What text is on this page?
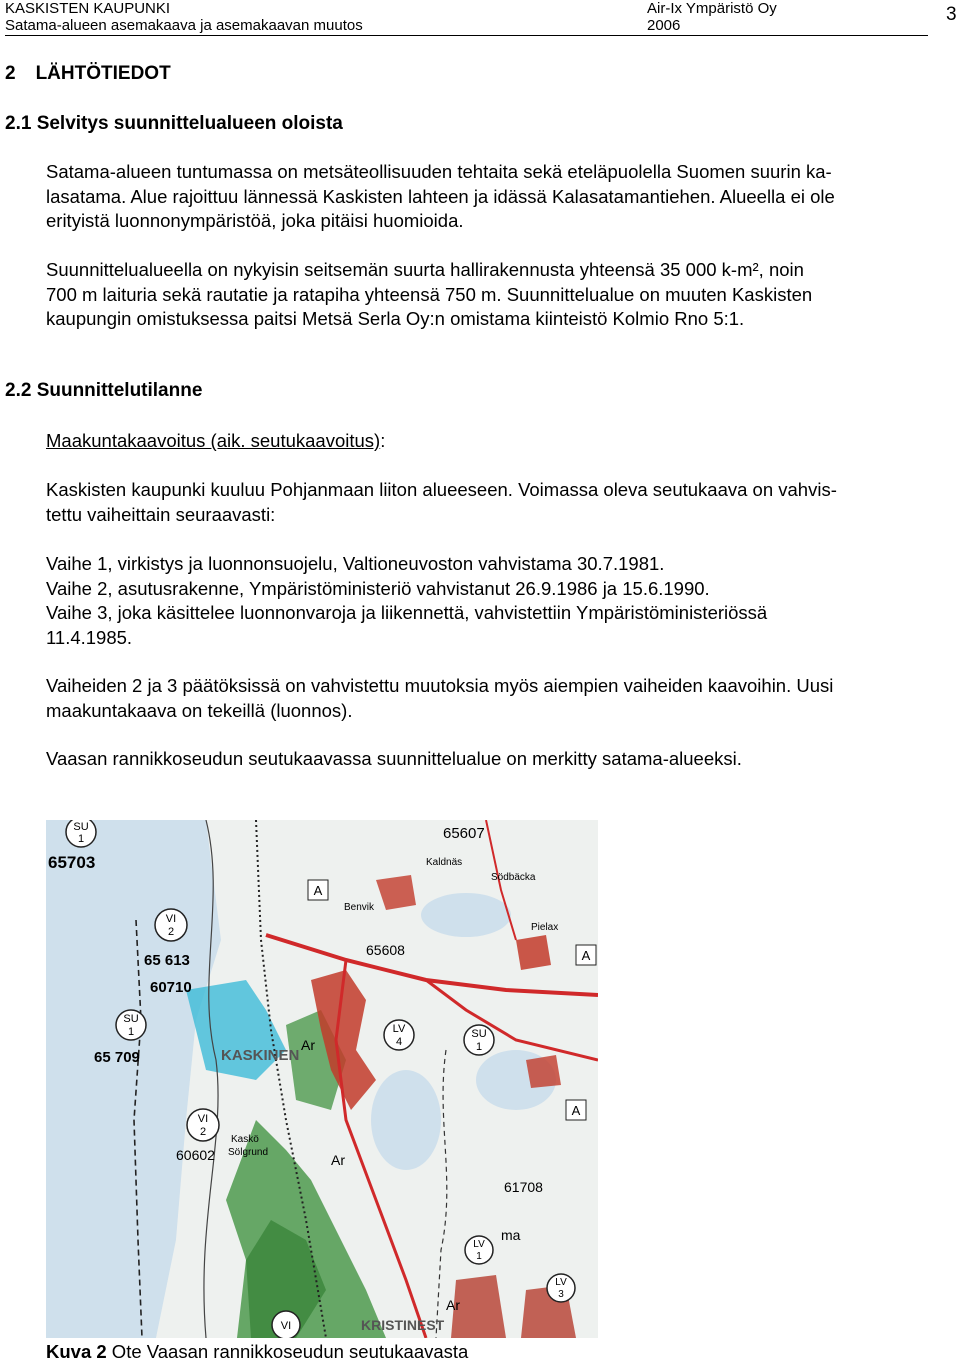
KASKISTEN KAUPUNKI
Satama-alueen asemakaava ja asemakaavan muutos
Air-Ix Ympäristö Oy
2006
3
2 LÄHTÖTIEDOT
2.1 Selvitys suunnittelualueen oloista
Satama-alueen tuntumassa on metsäteollisuuden tehtaita sekä eteläpuolella Suomen suurin ka-
lasatama. Alue rajoittuu lännessä Kaskisten lahteen ja idässä Kalasatamantiehen. Alueella ei ole
erityistä luonnonympäristöä, joka pitäisi huomioida.
Suunnittelualueella on nykyisin seitsemän suurta hallirakennusta yhteensä 35 000 k-m², noin
700 m laituria sekä rautatie ja ratapiha yhteensä 750 m. Suunnittelualue on muuten Kaskisten
kaupungin omistuksessa paitsi Metsä Serla Oy:n omistama kiinteistö Kolmio Rno 5:1.
2.2 Suunnittelutilanne
Maakuntakaavoitus (aik. seutukaavoitus):
Kaskisten kaupunki kuuluu Pohjanmaan liiton alueeseen. Voimassa oleva seutukaava on vahvis-
tettu vaiheittain seuraavasti:
Vaihe 1, virkistys ja luonnonsuojelu, Valtioneuvoston vahvistama 30.7.1981.
Vaihe 2, asutusrakenne, Ympäristöministeriö vahvistanut 26.9.1986 ja 15.6.1990.
Vaihe 3, joka käsittelee luonnonvaroja ja liikennettä, vahvistettiin Ympäristöministeriössä
11.4.1985.
Vaiheiden 2 ja 3 päätöksissä on vahvistettu muutoksia myös aiempien vaiheiden kaavoihin. Uusi
maakuntakaava on tekeillä (luonnos).
Vaasan rannikkoseudun seutukaavassa suunnittelualue on merkitty satama-alueeksi.
SU
1
VI
2
SU
1
VI
2
LV
4
SU
1
VI
LV
1
LV
3
A
A
A
Ar
Ar
Ar
65703
65607
65 613
60710
65608
65 709
60602
61708
KASKINEN
KRISTINEST
Kaldnäs
Benvik
Pielax
Södbäcka
Sölgrund
Kaskö
ma
Kuva 2 Ote Vaasan rannikkoseudun seutukaavasta
